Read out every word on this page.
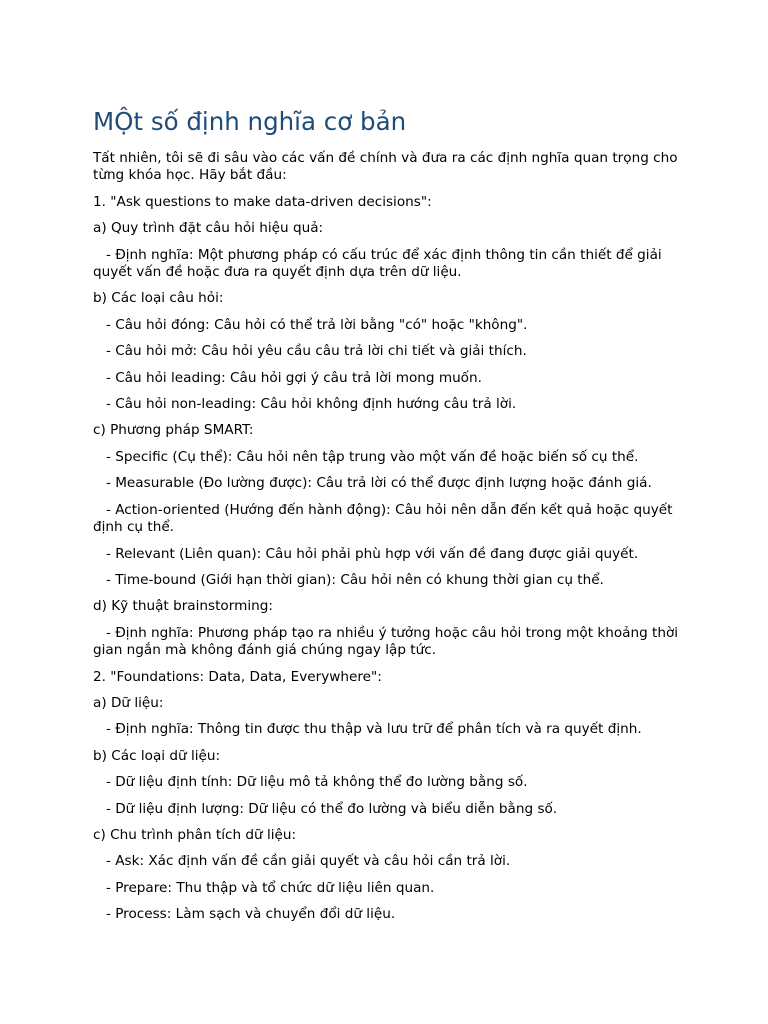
MỘt số định nghĩa cơ bản

Tất nhiên, tôi sẽ đi sâu vào các vấn đề chính và đưa ra các định nghĩa quan trọng cho từng khóa học. Hãy bắt đầu:

1. "Ask questions to make data-driven decisions":

a) Quy trình đặt câu hỏi hiệu quả:

- Định nghĩa: Một phương pháp có cấu trúc để xác định thông tin cần thiết để giải quyết vấn đề hoặc đưa ra quyết định dựa trên dữ liệu.

b) Các loại câu hỏi:

- Câu hỏi đóng: Câu hỏi có thể trả lời bằng "có" hoặc "không".

- Câu hỏi mở: Câu hỏi yêu cầu câu trả lời chi tiết và giải thích.

- Câu hỏi leading: Câu hỏi gợi ý câu trả lời mong muốn.

- Câu hỏi non-leading: Câu hỏi không định hướng câu trả lời.

c) Phương pháp SMART:

- Specific (Cụ thể): Câu hỏi nên tập trung vào một vấn đề hoặc biến số cụ thể.

- Measurable (Đo lường được): Câu trả lời có thể được định lượng hoặc đánh giá.

- Action-oriented (Hướng đến hành động): Câu hỏi nên dẫn đến kết quả hoặc quyết định cụ thể.

- Relevant (Liên quan): Câu hỏi phải phù hợp với vấn đề đang được giải quyết.

- Time-bound (Giới hạn thời gian): Câu hỏi nên có khung thời gian cụ thể.

d) Kỹ thuật brainstorming:

- Định nghĩa: Phương pháp tạo ra nhiều ý tưởng hoặc câu hỏi trong một khoảng thời gian ngắn mà không đánh giá chúng ngay lập tức.

2. "Foundations: Data, Data, Everywhere":

a) Dữ liệu:

- Định nghĩa: Thông tin được thu thập và lưu trữ để phân tích và ra quyết định.

b) Các loại dữ liệu:

- Dữ liệu định tính: Dữ liệu mô tả không thể đo lường bằng số.

- Dữ liệu định lượng: Dữ liệu có thể đo lường và biểu diễn bằng số.

c) Chu trình phân tích dữ liệu:

- Ask: Xác định vấn đề cần giải quyết và câu hỏi cần trả lời.

- Prepare: Thu thập và tổ chức dữ liệu liên quan.

- Process: Làm sạch và chuyển đổi dữ liệu.
